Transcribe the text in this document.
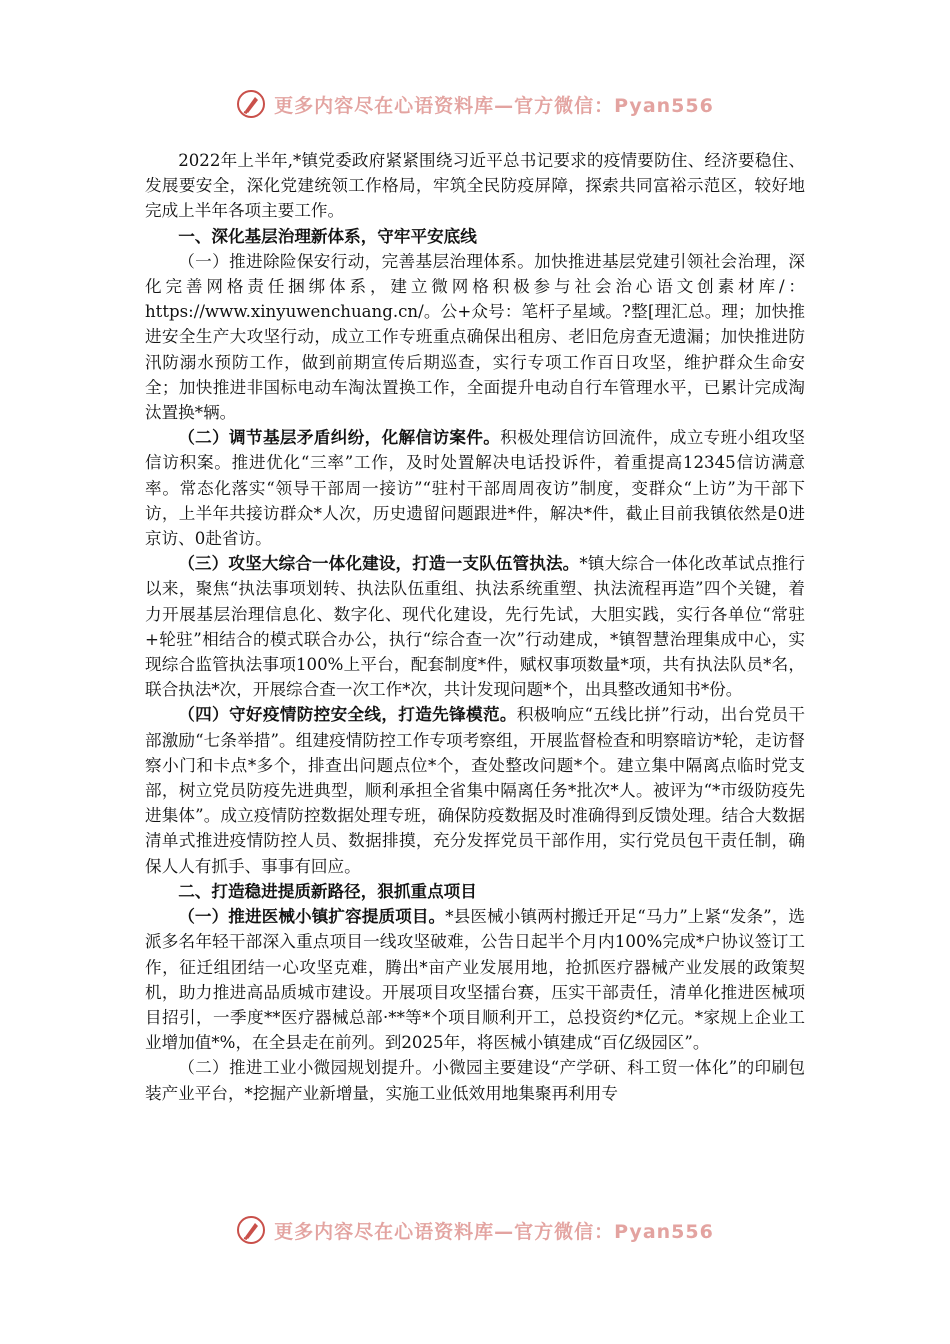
更多内容尽在心语资料库—官方微信：Pyan556

2022年上半年,*镇党委政府紧紧围绕习近平总书记要求的疫情要防住、经济要稳住、发展要安全，深化党建统领工作格局，牢筑全民防疫屏障，探索共同富裕示范区，较好地完成上半年各项主要工作。

一、深化基层治理新体系，守牢平安底线

（一）推进除险保安行动，完善基层治理体系。加快推进基层党建引领社会治理，深化完善网格责任捆绑体系，建立微网格积极参与社会治心语文创素材库/：https://www.xinyuwenchuang.cn/。公+众号：笔杆子星域。?整[理汇总。理；加快推进安全生产大攻坚行动，成立工作专班重点确保出租房、老旧危房查无遗漏；加快推进防汛防溺水预防工作，做到前期宣传后期巡查，实行专项工作百日攻坚，维护群众生命安全；加快推进非国标电动车淘汰置换工作，全面提升电动自行车管理水平，已累计完成淘汰置换*辆。

（二）调节基层矛盾纠纷，化解信访案件。积极处理信访回流件，成立专班小组攻坚信访积案。推进优化“三率”工作，及时处置解决电话投诉件，着重提高12345信访满意率。常态化落实“领导干部周一接访”“驻村干部周周夜访”制度，变群众“上访”为干部下访，上半年共接访群众*人次，历史遗留问题跟进*件，解决*件，截止目前我镇依然是0进京访、0赴省访。

（三）攻坚大综合一体化建设，打造一支队伍管执法。*镇大综合一体化改革试点推行以来，聚焦“执法事项划转、执法队伍重组、执法系统重塑、执法流程再造”四个关键，着力开展基层治理信息化、数字化、现代化建设，先行先试，大胆实践，实行各单位“常驻+轮驻”相结合的模式联合办公，执行“综合查一次”行动建成，*镇智慧治理集成中心，实现综合监管执法事项100%上平台，配套制度*件，赋权事项数量*项，共有执法队员*名，联合执法*次，开展综合查一次工作*次，共计发现问题*个，出具整改通知书*份。

（四）守好疫情防控安全线，打造先锋模范。积极响应“五线比拼”行动，出台党员干部激励“七条举措”。组建疫情防控工作专项考察组，开展监督检查和明察暗访*轮，走访督察小门和卡点*多个，排查出问题点位*个，查处整改问题*个。建立集中隔离点临时党支部，树立党员防疫先进典型，顺利承担全省集中隔离任务*批次*人。被评为“*市级防疫先进集体”。成立疫情防控数据处理专班，确保防疫数据及时准确得到反馈处理。结合大数据清单式推进疫情防控人员、数据排摸，充分发挥党员干部作用，实行党员包干责任制，确保人人有抓手、事事有回应。

二、打造稳进提质新路径，狠抓重点项目

（一）推进医械小镇扩容提质项目。*县医械小镇两村搬迁开足“马力”上紧“发条”，选派多名年轻干部深入重点项目一线攻坚破难，公告日起半个月内100%完成*户协议签订工作，征迁组团结一心攻坚克难，腾出*亩产业发展用地，抢抓医疗器械产业发展的政策契机，助力推进高品质城市建设。开展项目攻坚擂台赛，压实干部责任，清单化推进医械项目招引，一季度**医疗器械总部·**等*个项目顺利开工，总投资约*亿元。*家规上企业工业增加值*%，在全县走在前列。到2025年，将医械小镇建成“百亿级园区”。

（二）推进工业小微园规划提升。小微园主要建设“产学研、科工贸一体化”的印刷包装产业平台，*挖掘产业新增量，实施工业低效用地集聚再利用专

更多内容尽在心语资料库—官方微信：Pyan556
